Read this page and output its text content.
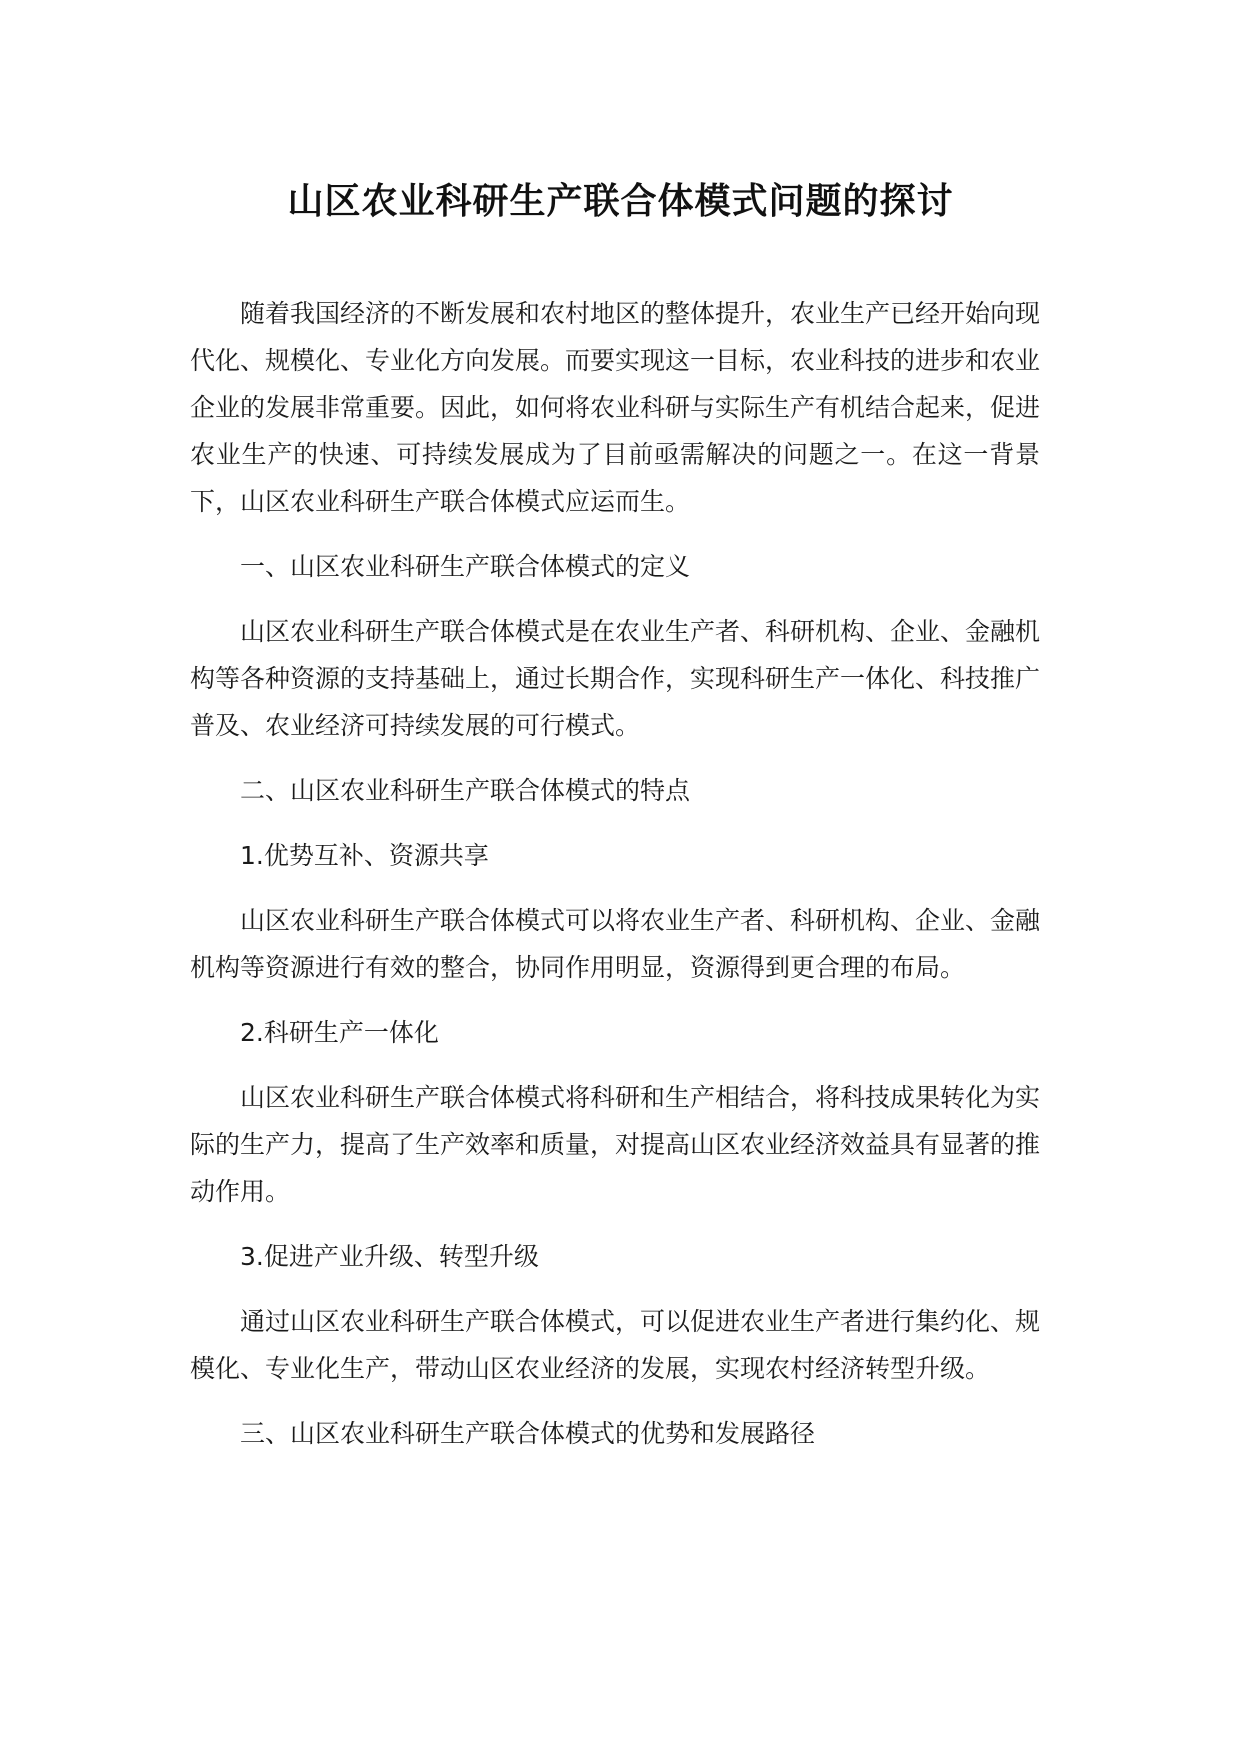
山区农业科研生产联合体模式问题的探讨

随着我国经济的不断发展和农村地区的整体提升，农业生产已经开始向现代化、规模化、专业化方向发展。而要实现这一目标，农业科技的进步和农业企业的发展非常重要。因此，如何将农业科研与实际生产有机结合起来，促进农业生产的快速、可持续发展成为了目前亟需解决的问题之一。在这一背景下，山区农业科研生产联合体模式应运而生。

一、山区农业科研生产联合体模式的定义

山区农业科研生产联合体模式是在农业生产者、科研机构、企业、金融机构等各种资源的支持基础上，通过长期合作，实现科研生产一体化、科技推广普及、农业经济可持续发展的可行模式。

二、山区农业科研生产联合体模式的特点

1.优势互补、资源共享

山区农业科研生产联合体模式可以将农业生产者、科研机构、企业、金融机构等资源进行有效的整合，协同作用明显，资源得到更合理的布局。

2.科研生产一体化

山区农业科研生产联合体模式将科研和生产相结合，将科技成果转化为实际的生产力，提高了生产效率和质量，对提高山区农业经济效益具有显著的推动作用。

3.促进产业升级、转型升级

通过山区农业科研生产联合体模式，可以促进农业生产者进行集约化、规模化、专业化生产，带动山区农业经济的发展，实现农村经济转型升级。

三、山区农业科研生产联合体模式的优势和发展路径
